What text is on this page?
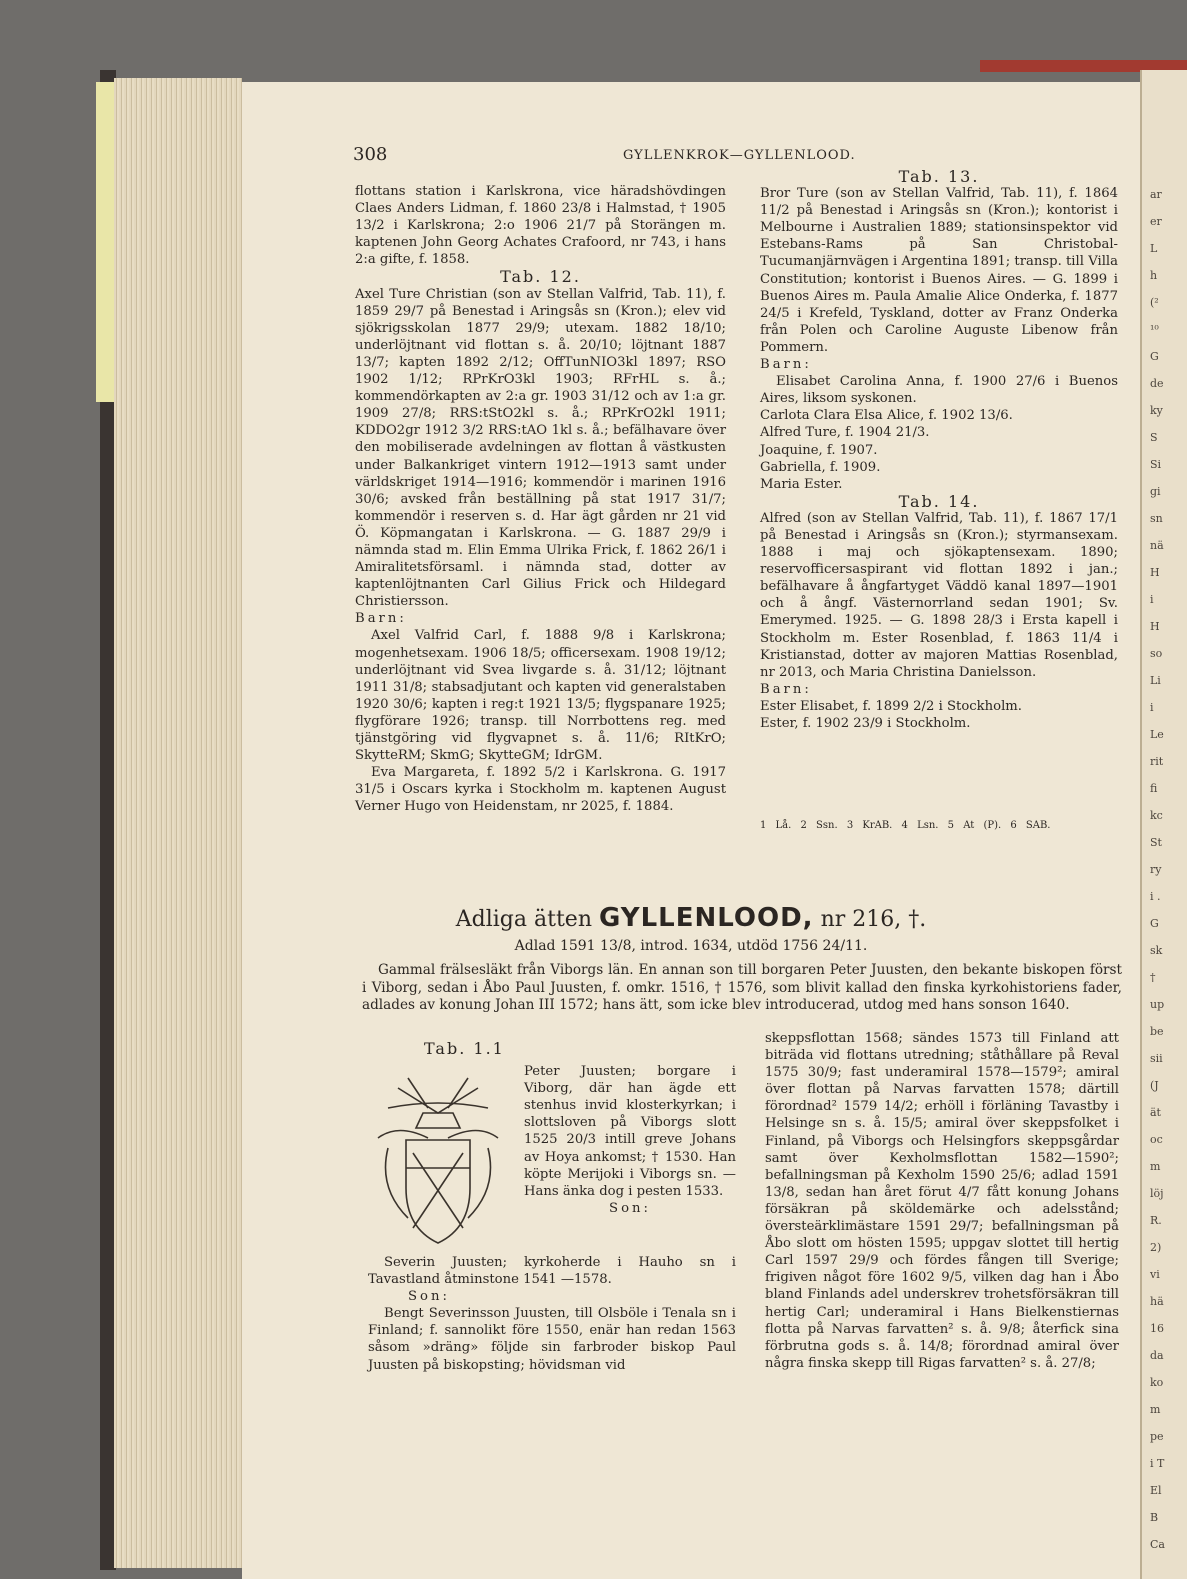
ar
er
L
h
(²
¹⁰
G
de
ky
S
Si
gi
sn
nä
H
i
H
so
Li
i
Le
rit
fi
kc
St
ry
i .
G
sk
†
up
be
sii
(J
ät
oc
m
löj
R.
2)
vi
hä
16
da
ko
m
pe
i T
El
B
Ca
308	GYLLENKROK—GYLLENLOOD.

flottans station i Karlskrona, vice häradshövdingen Claes Anders Lidman, f. 1860 23/8 i Halmstad, † 1905 13/2 i Karlskrona; 2:o 1906 21/7 på Storängen m. kaptenen John Georg Achates Crafoord, nr 743, i hans 2:a gifte, f. 1858.

Tab. 12.

Axel Ture Christian (son av Stellan Valfrid, Tab. 11), f. 1859 29/7 på Benestad i Aringsås sn (Kron.); elev vid sjökrigsskolan 1877 29/9; utexam. 1882 18/10; underlöjtnant vid flottan s. å. 20/10; löjtnant 1887 13/7; kapten 1892 2/12; OffTunNIO3kl 1897; RSO 1902 1/12; RPrKrO3kl 1903; RFrHL s. å.; kommendörkapten av 2:a gr. 1903 31/12 och av 1:a gr. 1909 27/8; RRS:tStO2kl s. å.; RPrKrO2kl 1911; KDDO2gr 1912 3/2 RRS:tAO 1kl s. å.; befälhavare över den mobiliserade avdelningen av flottan å västkusten under Balkankriget vintern 1912—1913 samt under världskriget 1914—1916; kommendör i marinen 1916 30/6; avsked från beställning på stat 1917 31/7; kommendör i reserven s. d. Har ägt gården nr 21 vid Ö. Köpmangatan i Karlskrona. — G. 1887 29/9 i nämnda stad m. Elin Emma Ulrika Frick, f. 1862 26/1 i Amiralitetsförsaml. i nämnda stad, dotter av kaptenlöjtnanten Carl Gilius Frick och Hildegard Christiersson.

Barn:

Axel Valfrid Carl, f. 1888 9/8 i Karlskrona; mogenhetsexam. 1906 18/5; officersexam. 1908 19/12; underlöjtnant vid Svea livgarde s. å. 31/12; löjtnant 1911 31/8; stabsadjutant och kapten vid generalstaben 1920 30/6; kapten i reg:t 1921 13/5; flygspanare 1925; flygförare 1926; transp. till Norrbottens reg. med tjänstgöring vid flygvapnet s. å. 11/6; RItKrO; SkytteRM; SkmG; SkytteGM; IdrGM.

Eva Margareta, f. 1892 5/2 i Karlskrona. G. 1917 31/5 i Oscars kyrka i Stockholm m. kaptenen August Verner Hugo von Heidenstam, nr 2025, f. 1884.

Tab. 13.

Bror Ture (son av Stellan Valfrid, Tab. 11), f. 1864 11/2 på Benestad i Aringsås sn (Kron.); kontorist i Melbourne i Australien 1889; stationsinspektor vid Estebans-Rams på San Christobal-Tucumanjärnvägen i Argentina 1891; transp. till Villa Constitution; kontorist i Buenos Aires. — G. 1899 i Buenos Aires m. Paula Amalie Alice Onderka, f. 1877 24/5 i Krefeld, Tyskland, dotter av Franz Onderka från Polen och Caroline Auguste Libenow från Pommern.

Barn:

Elisabet Carolina Anna, f. 1900 27/6 i Buenos Aires, liksom syskonen.

Carlota Clara Elsa Alice, f. 1902 13/6.

Alfred Ture, f. 1904 21/3.

Joaquine, f. 1907.

Gabriella, f. 1909.

Maria Ester.

Tab. 14.

Alfred (son av Stellan Valfrid, Tab. 11), f. 1867 17/1 på Benestad i Aringsås sn (Kron.); styrmansexam. 1888 i maj och sjökaptensexam. 1890; reservofficersaspirant vid flottan 1892 i jan.; befälhavare å ångfartyget Väddö kanal 1897—1901 och å ångf. Västernorrland sedan 1901; Sv. Emerymed. 1925. — G. 1898 28/3 i Ersta kapell i Stockholm m. Ester Rosenblad, f. 1863 11/4 i Kristianstad, dotter av majoren Mattias Rosenblad, nr 2013, och Maria Christina Danielsson.

Barn:

Ester Elisabet, f. 1899 2/2 i Stockholm.

Ester, f. 1902 23/9 i Stockholm.

1 Lå. 2 Ssn. 3 KrAB. 4 Lsn. 5 At (P). 6 SAB.
Adliga ätten GYLLENLOOD, nr 216, †.
Adlad 1591 13/8, introd. 1634, utdöd 1756 24/11.

Gammal frälsesläkt från Viborgs län. En annan son till borgaren Peter Juusten, den bekante biskopen först i Viborg, sedan i Åbo Paul Juusten, f. omkr. 1516, † 1576, som blivit kallad den finska kyrkohistoriens fader, adlades av konung Johan III 1572; hans ätt, som icke blev introducerad, utdog med hans sonson 1640.

Tab. 1.1

Peter Juusten; borgare i Viborg, där han ägde ett stenhus invid klosterkyrkan; i slottsloven på Viborgs slott 1525 20/3 intill greve Johans av Hoya ankomst; † 1530. Han köpte Merijoki i Viborgs sn. — Hans änka dog i pesten 1533.

Son:

Severin Juusten; kyrkoherde i Hauho sn i Tavastland åtminstone 1541 —1578.

Son:

Bengt Severinsson Juusten, till Olsböle i Tenala sn i Finland; f. sannolikt före 1550, enär han redan 1563 såsom »dräng» följde sin farbroder biskop Paul Juusten på biskopsting; hövidsman vid

skeppsflottan 1568; sändes 1573 till Finland att biträda vid flottans utredning; ståthållare på Reval 1575 30/9; fast underamiral 1578—1579²; amiral över flottan på Narvas farvatten 1578; därtill förordnad² 1579 14/2; erhöll i förläning Tavastby i Helsinge sn s. å. 15/5; amiral över skeppsfolket i Finland, på Viborgs och Helsingfors skeppsgårdar samt över Kexholmsflottan 1582—1590²; befallningsman på Kexholm 1590 25/6; adlad 1591 13/8, sedan han året förut 4/7 fått konung Johans försäkran på sköldemärke och adelsstånd; översteärklimästare 1591 29/7; befallningsman på Åbo slott om hösten 1595; uppgav slottet till hertig Carl 1597 29/9 och fördes fången till Sverige; frigiven något före 1602 9/5, vilken dag han i Åbo bland Finlands adel underskrev trohetsförsäkran till hertig Carl; underamiral i Hans Bielkenstiernas flotta på Narvas farvatten² s. å. 9/8; återfick sina förbrutna gods s. å. 14/8; förordnad amiral över några finska skepp till Rigas farvatten² s. å. 27/8;
